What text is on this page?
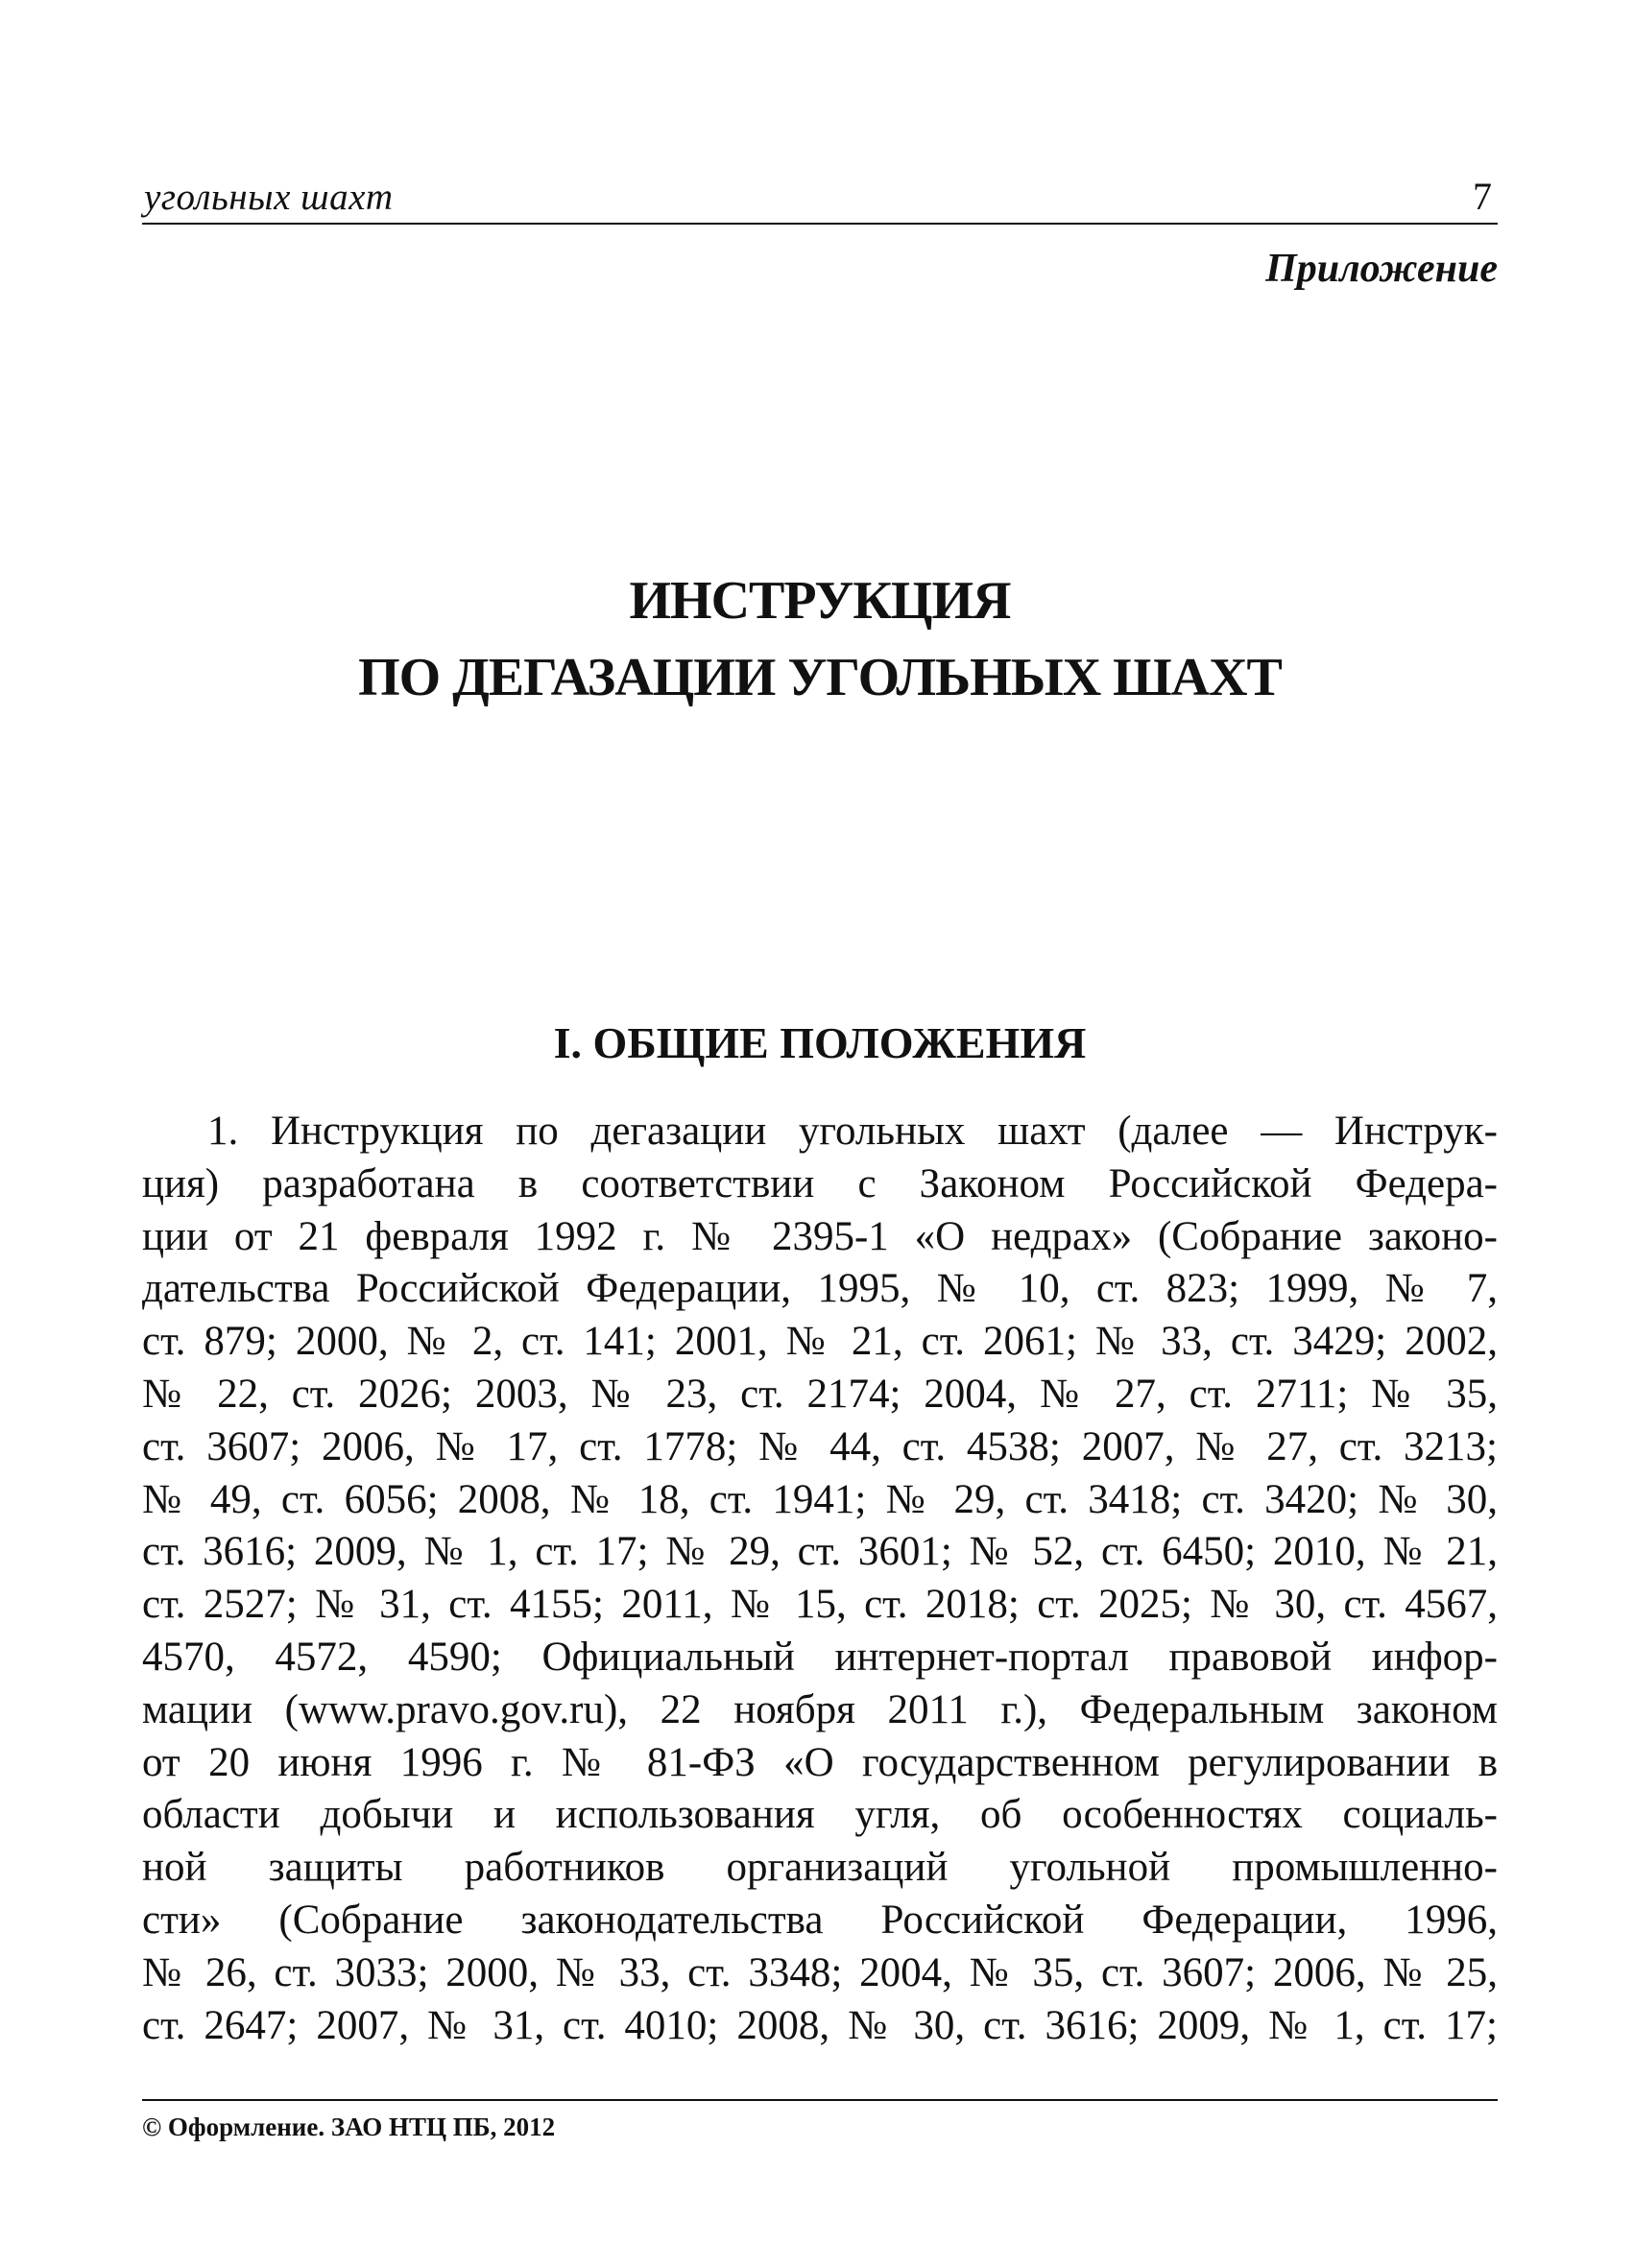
угольных шахт	7
Приложение
ИНСТРУКЦИЯ
ПО ДЕГАЗАЦИИ УГОЛЬНЫХ ШАХТ
I. ОБЩИЕ ПОЛОЖЕНИЯ
1. Инструкция по дегазации угольных шахт (далее — Инструк-
ция) разработана в соответствии с Законом Российской Федера-
ции от 21 февраля 1992 г. № 2395-1 «О недрах» (Собрание законо-
дательства Российской Федерации, 1995, № 10, ст. 823; 1999, № 7,
ст. 879; 2000, № 2, ст. 141; 2001, № 21, ст. 2061; № 33, ст. 3429; 2002,
№ 22, ст. 2026; 2003, № 23, ст. 2174; 2004, № 27, ст. 2711; № 35,
ст. 3607; 2006, № 17, ст. 1778; № 44, ст. 4538; 2007, № 27, ст. 3213;
№ 49, ст. 6056; 2008, № 18, ст. 1941; № 29, ст. 3418; ст. 3420; № 30,
ст. 3616; 2009, № 1, ст. 17; № 29, ст. 3601; № 52, ст. 6450; 2010, № 21,
ст. 2527; № 31, ст. 4155; 2011, № 15, ст. 2018; ст. 2025; № 30, ст. 4567,
4570, 4572, 4590; Официальный интернет-портал правовой инфор-
мации (www.pravo.gov.ru), 22 ноября 2011 г.), Федеральным законом
от 20 июня 1996 г. № 81-ФЗ «О государственном регулировании в
области добычи и использования угля, об особенностях социаль-
ной защиты работников организаций угольной промышленно-
сти» (Собрание законодательства Российской Федерации, 1996,
№ 26, ст. 3033; 2000, № 33, ст. 3348; 2004, № 35, ст. 3607; 2006, № 25,
ст. 2647; 2007, № 31, ст. 4010; 2008, № 30, ст. 3616; 2009, № 1, ст. 17;
© Оформление. ЗАО НТЦ ПБ, 2012
